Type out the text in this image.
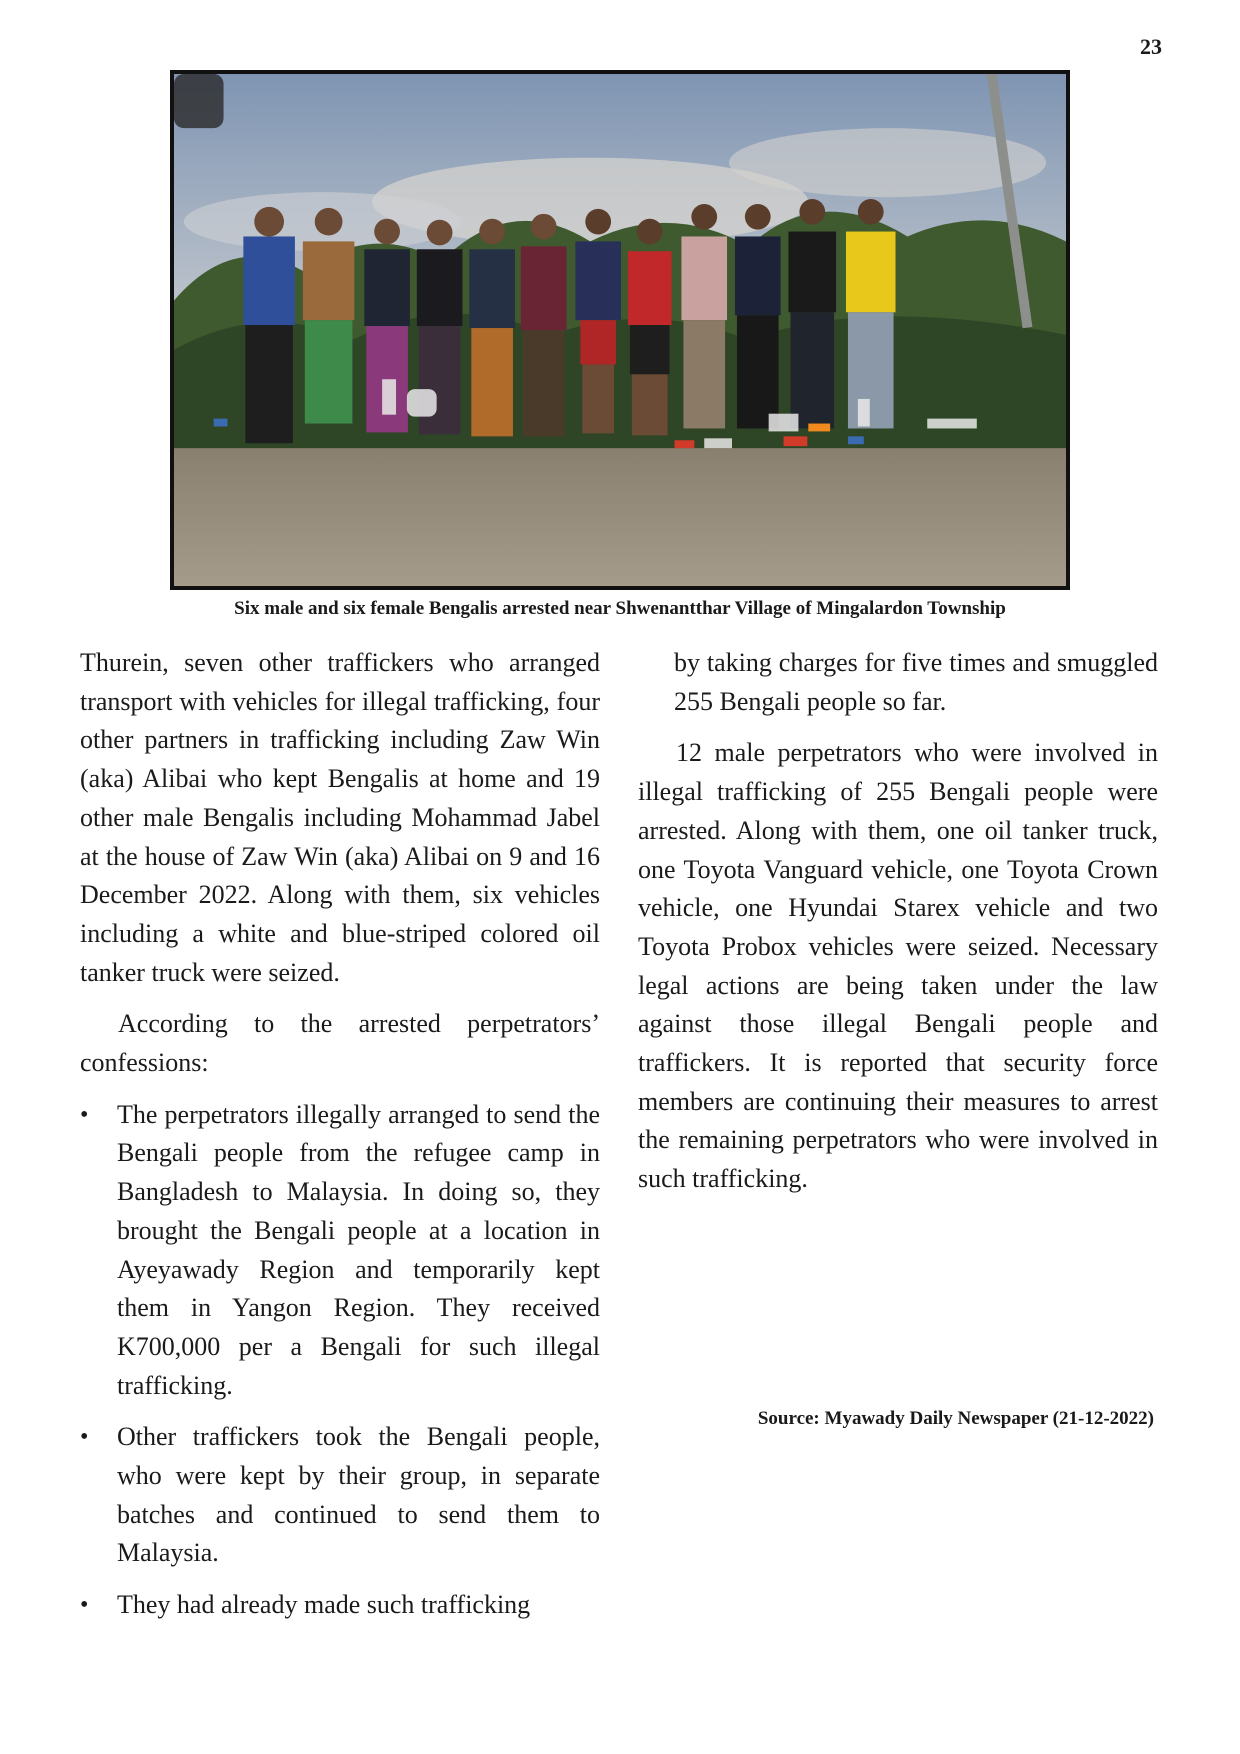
23
Six male and six female Bengalis arrested near Shwenantthar Village of Mingalardon Township

Thurein, seven other traffickers who arranged transport with vehicles for illegal trafficking, four other partners in trafficking including Zaw Win (aka) Alibai who kept Bengalis at home and 19 other male Bengalis including Mohammad Jabel at the house of Zaw Win (aka) Alibai on 9 and 16 December 2022. Along with them, six vehicles including a white and blue-striped colored oil tanker truck were seized.

According to the arrested perpetrators’ confessions:

• The perpetrators illegally arranged to send the Bengali people from the refugee camp in Bangladesh to Malaysia. In doing so, they brought the Bengali people at a location in Ayeyawady Region and temporarily kept them in Yangon Region. They received K700,000 per a Bengali for such illegal trafficking.
• Other traffickers took the Bengali people, who were kept by their group, in separate batches and continued to send them to Malaysia.
• They had already made such trafficking

by taking charges for five times and smuggled 255 Bengali people so far.

12 male perpetrators who were involved in illegal trafficking of 255 Bengali people were arrested. Along with them, one oil tanker truck, one Toyota Vanguard vehicle, one Toyota Crown vehicle, one Hyundai Starex vehicle and two Toyota Probox vehicles were seized. Necessary legal actions are being taken under the law against those illegal Bengali people and traffickers. It is reported that security force members are continuing their measures to arrest the remaining perpetrators who were involved in such trafficking.

Source: Myawady Daily Newspaper (21-12-2022)
